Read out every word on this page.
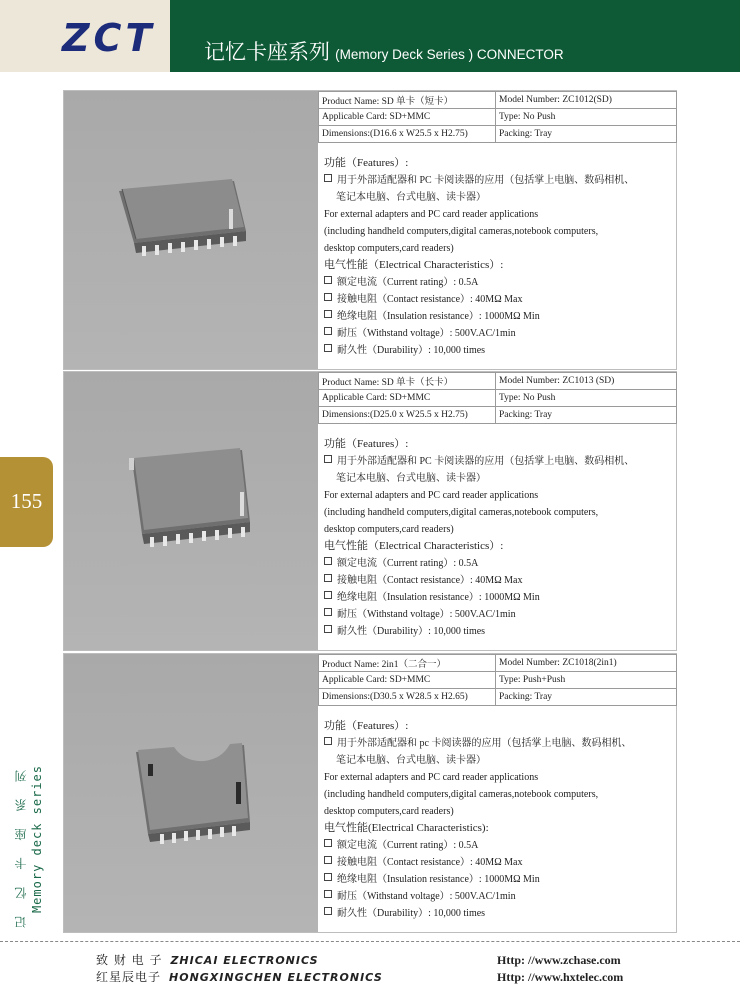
ZCT 记忆卡座系列 (Memory Deck Series ) CONNECTOR
155
记 忆 卡 座 系 列 Memory deck series
Product Name: SD 单卡（短卡）	Model Number: ZC1012(SD)
Applicable Card: SD+MMC	Type: No Push
Dimensions:(D16.6 x W25.5 x H2.75)	Packing: Tray
功能（Features）:
用于外部适配器和 PC 卡阅读器的应用（包括掌上电脑、数码相机、
笔记本电脑、台式电脑、读卡器）
For external adapters and PC card reader applications
(including handheld computers,digital cameras,notebook computers,
desktop computers,card readers)
电气性能（Electrical Characteristics）:
额定电流（Current rating）: 0.5A
接触电阻（Contact resistance）: 40MΩ Max
绝缘电阻（Insulation resistance）: 1000MΩ Min
耐压（Withstand voltage）: 500V.AC/1min
耐久性（Durability）: 10,000 times
Product Name: SD 单卡（长卡）	Model Number: ZC1013 (SD)
Applicable Card: SD+MMC	Type: No Push
Dimensions:(D25.0 x W25.5 x H2.75)	Packing: Tray
功能（Features）:
用于外部适配器和 PC 卡阅读器的应用（包括掌上电脑、数码相机、
笔记本电脑、台式电脑、读卡器）
For external adapters and PC card reader applications
(including handheld computers,digital cameras,notebook computers,
desktop computers,card readers)
电气性能（Electrical Characteristics）:
额定电流（Current rating）: 0.5A
接触电阻（Contact resistance）: 40MΩ Max
绝缘电阻（Insulation resistance）: 1000MΩ Min
耐压（Withstand voltage）: 500V.AC/1min
耐久性（Durability）: 10,000 times
Product Name: 2in1（二合一）	Model Number: ZC1018(2in1)
Applicable Card: SD+MMC	Type: Push+Push
Dimensions:(D30.5 x W28.5 x H2.65)	Packing: Tray
功能（Features）:
用于外部适配器和 pc 卡阅读器的应用（包括掌上电脑、数码相机、
笔记本电脑、台式电脑、读卡器）
For external adapters and PC card reader applications
(including handheld computers,digital cameras,notebook computers,
desktop computers,card readers)
电气性能(Electrical Characteristics):
额定电流（Current rating）: 0.5A
接触电阻（Contact resistance）: 40MΩ Max
绝缘电阻（Insulation resistance）: 1000MΩ Min
耐压（Withstand voltage）: 500V.AC/1min
耐久性（Durability）: 10,000 times
致 财 电 子 ZHICAI ELECTRONICS
红星辰电子 HONGXINGCHEN ELECTRONICS
Http: //www.zchase.com
Http: //www.hxtelec.com
